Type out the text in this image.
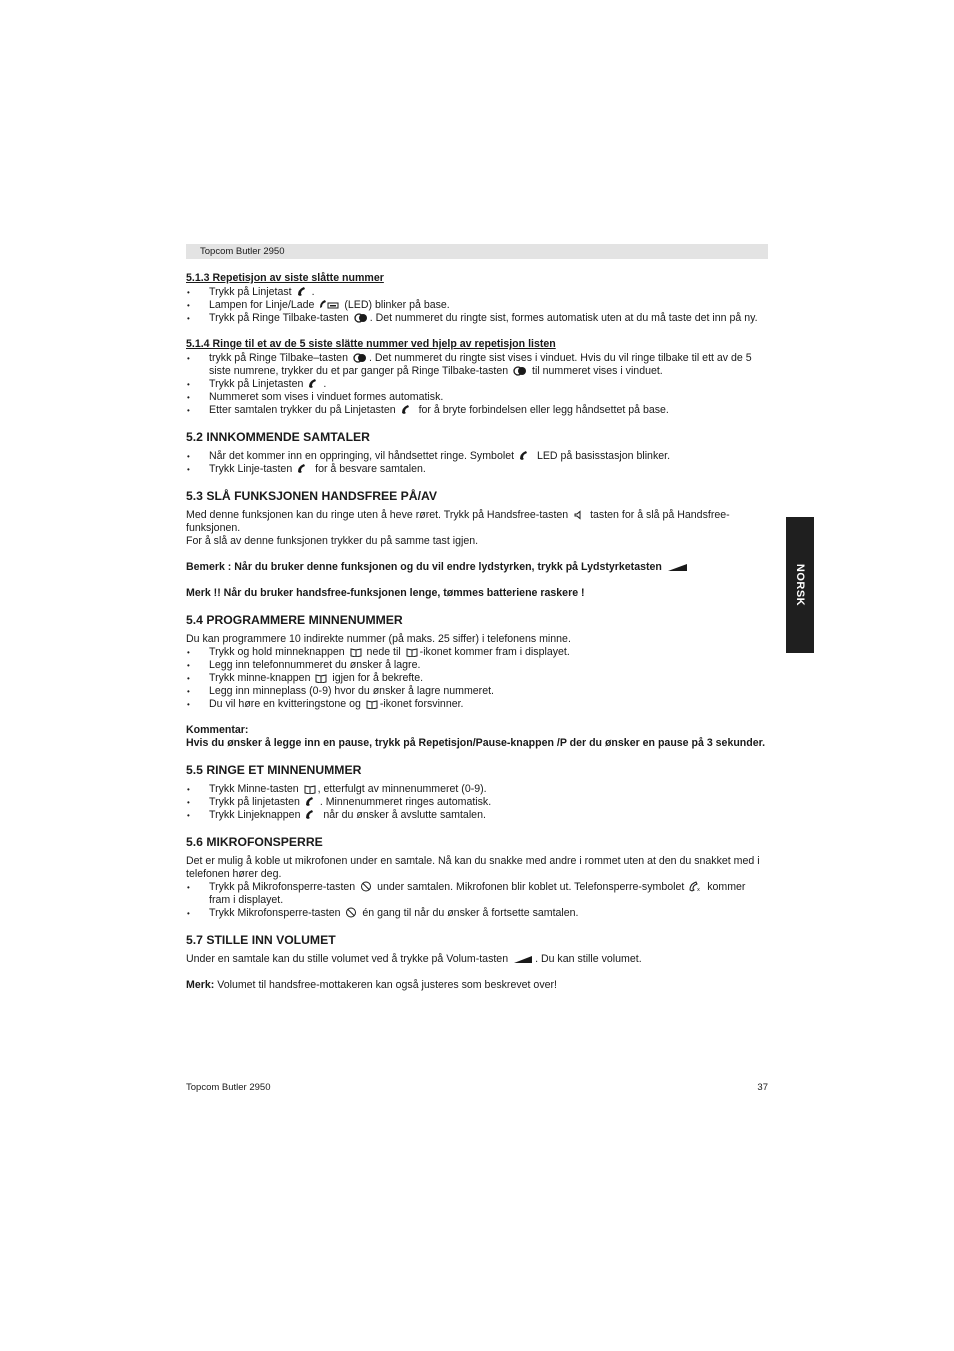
Topcom Butler 2950
NORSK

5.1.3 Repetisjon av siste slåtte nummer

• Trykk på Linjetast .
• Lampen for Linje/Lade	(LED) blinker på base.
• Trykk på Ringe Tilbake-tasten . Det nummeret du ringte sist, formes automatisk uten at du må taste det inn på ny.

5.1.4 Ringe til et av de 5 siste slätte nummer ved hjelp av repetisjon listen

• trykk på Ringe Tilbake–tasten . Det nummeret du ringte sist vises i vinduet. Hvis du vil ringe tilbake til ett av de 5 siste numrene, trykker du et par ganger på Ringe Tilbake-tasten til nummeret vises i vinduet.
• Trykk på Linjetasten .
• Nummeret som vises i vinduet formes automatisk.
• Etter samtalen trykker du på Linjetasten for å bryte forbindelsen eller legg håndsettet på base.
5.2 INNKOMMENDE SAMTALER
• Når det kommer inn en oppringing, vil håndsettet ringe. Symbolet LED på basisstasjon blinker.
• Trykk Linje-tasten for å besvare samtalen.
5.3 SLÅ FUNKSJONEN HANDSFREE PÅ/AV

Med denne funksjonen kan du ringe uten å heve røret. Trykk på Handsfree-tasten tasten for å slå på Handsfree-funksjonen.

For å slå av denne funksjonen trykker du på samme tast igjen.

Bemerk : Når du bruker denne funksjonen og du vil endre lydstyrken, trykk på Lydstyrketasten

Merk !! Når du bruker handsfree-funksjonen lenge, tømmes batteriene raskere !

5.4 PROGRAMMERE MINNENUMMER

Du kan programmere 10 indirekte nummer (på maks. 25 siffer) i telefonens minne.

• Trykk og hold minneknappen nede til -ikonet kommer fram i displayet.
• Legg inn telefonnummeret du ønsker å lagre.
• Trykk minne-knappen igjen for å bekrefte.
• Legg inn minneplass (0-9) hvor du ønsker å lagre nummeret.
• Du vil høre en kvitteringstone og -ikonet forsvinner.

Kommentar:

Hvis du ønsker å legge inn en pause, trykk på Repetisjon/Pause-knappen /P der du ønsker en pause på 3 sekunder.

5.5 RINGE ET MINNENUMMER
• Trykk Minne-tasten , etterfulgt av minnenummeret (0-9).
• Trykk på linjetasten . Minnenummeret ringes automatisk.
• Trykk Linjeknappen når du ønsker å avslutte samtalen.
5.6 MIKROFONSPERRE

Det er mulig å koble ut mikrofonen under en samtale. Nå kan du snakke med andre i rommet uten at den du snakket med i telefonen hører deg.

• Trykk på Mikrofonsperre-tasten under samtalen. Mikrofonen blir koblet ut. Telefonsperre-symbolet	x kommer fram i displayet.
• Trykk Mikrofonsperre-tasten én gang til når du ønsker å fortsette samtalen.
5.7 STILLE INN VOLUMET

Under en samtale kan du stille volumet ved å trykke på Volum-tasten	. Du kan stille volumet.

Merk: Volumet til handsfree-mottakeren kan også justeres som beskrevet over!

Topcom Butler 2950	37
